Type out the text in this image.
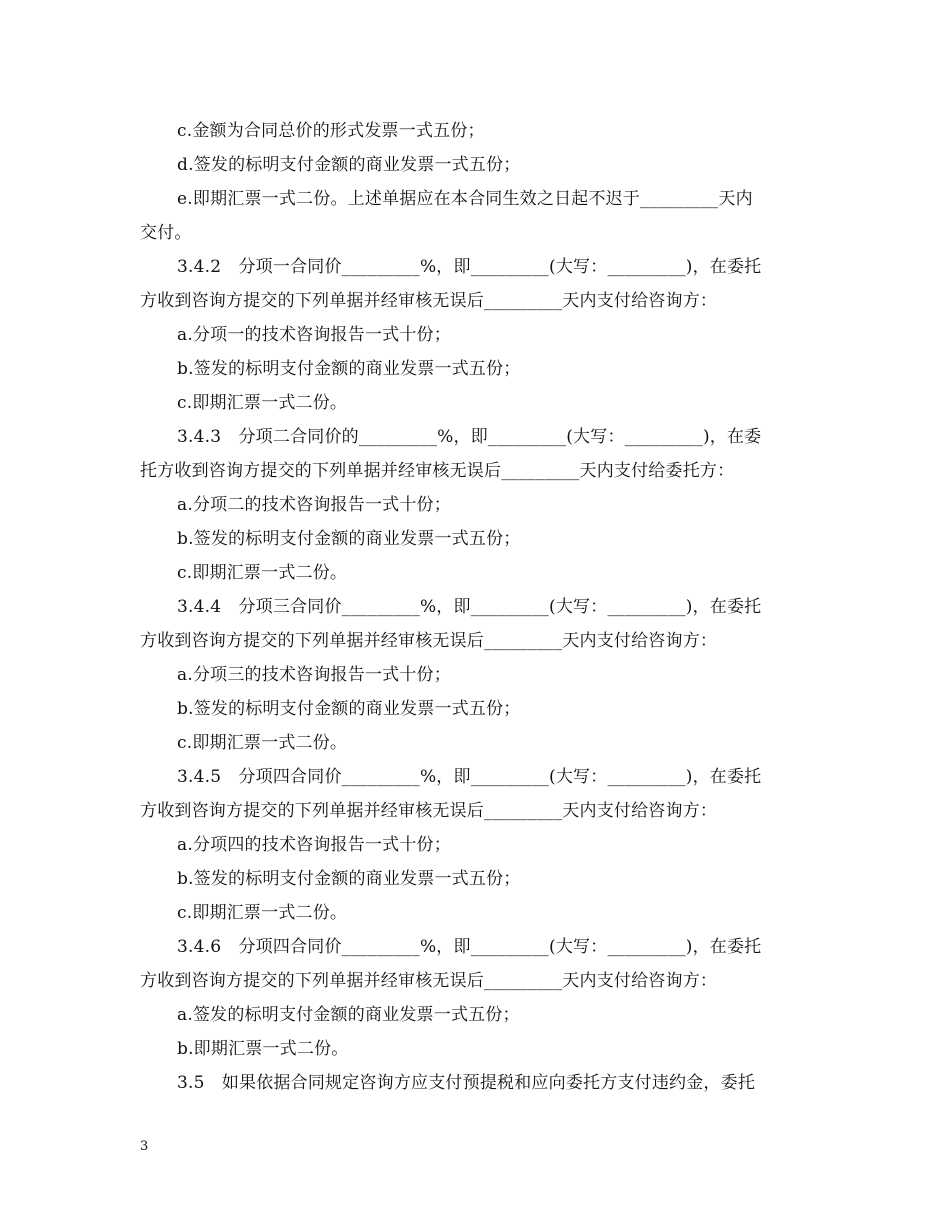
c.金额为合同总价的形式发票一式五份；
d.签发的标明支付金额的商业发票一式五份；
e.即期汇票一式二份。上述单据应在本合同生效之日起不迟于_________天内
交付。
3.4.2　分项一合同价_________%，即_________(大写：_________)，在委托
方收到咨询方提交的下列单据并经审核无误后_________天内支付给咨询方：
a.分项一的技术咨询报告一式十份；
b.签发的标明支付金额的商业发票一式五份；
c.即期汇票一式二份。
3.4.3　分项二合同价的_________%，即_________(大写：_________)，在委
托方收到咨询方提交的下列单据并经审核无误后_________天内支付给委托方：
a.分项二的技术咨询报告一式十份；
b.签发的标明支付金额的商业发票一式五份；
c.即期汇票一式二份。
3.4.4　分项三合同价_________%，即_________(大写：_________)，在委托
方收到咨询方提交的下列单据并经审核无误后_________天内支付给咨询方：
a.分项三的技术咨询报告一式十份；
b.签发的标明支付金额的商业发票一式五份；
c.即期汇票一式二份。
3.4.5　分项四合同价_________%，即_________(大写：_________)，在委托
方收到咨询方提交的下列单据并经审核无误后_________天内支付给咨询方：
a.分项四的技术咨询报告一式十份；
b.签发的标明支付金额的商业发票一式五份；
c.即期汇票一式二份。
3.4.6　分项四合同价_________%，即_________(大写：_________)，在委托
方收到咨询方提交的下列单据并经审核无误后_________天内支付给咨询方：
a.签发的标明支付金额的商业发票一式五份；
b.即期汇票一式二份。
3.5　如果依据合同规定咨询方应支付预提税和应向委托方支付违约金，委托
3
